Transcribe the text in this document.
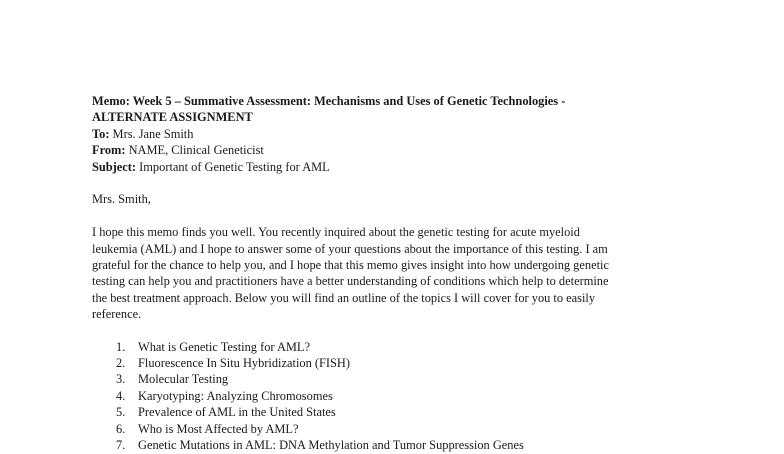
Memo: Week 5 – Summative Assessment: Mechanisms and Uses of Genetic Technologies -
ALTERNATE ASSIGNMENT
To: Mrs. Jane Smith
From: NAME, Clinical Geneticist
Subject: Important of Genetic Testing for AML
Mrs. Smith,
I hope this memo finds you well. You recently inquired about the genetic testing for acute myeloid
leukemia (AML) and I hope to answer some of your questions about the importance of this testing. I am
grateful for the chance to help you, and I hope that this memo gives insight into how undergoing genetic
testing can help you and practitioners have a better understanding of conditions which help to determine
the best treatment approach. Below you will find an outline of the topics I will cover for you to easily
reference.
1.	What is Genetic Testing for AML?
2.	Fluorescence In Situ Hybridization (FISH)
3.	Molecular Testing
4.	Karyotyping: Analyzing Chromosomes
5.	Prevalence of AML in the United States
6.	Who is Most Affected by AML?
7.	Genetic Mutations in AML: DNA Methylation and Tumor Suppression Genes
